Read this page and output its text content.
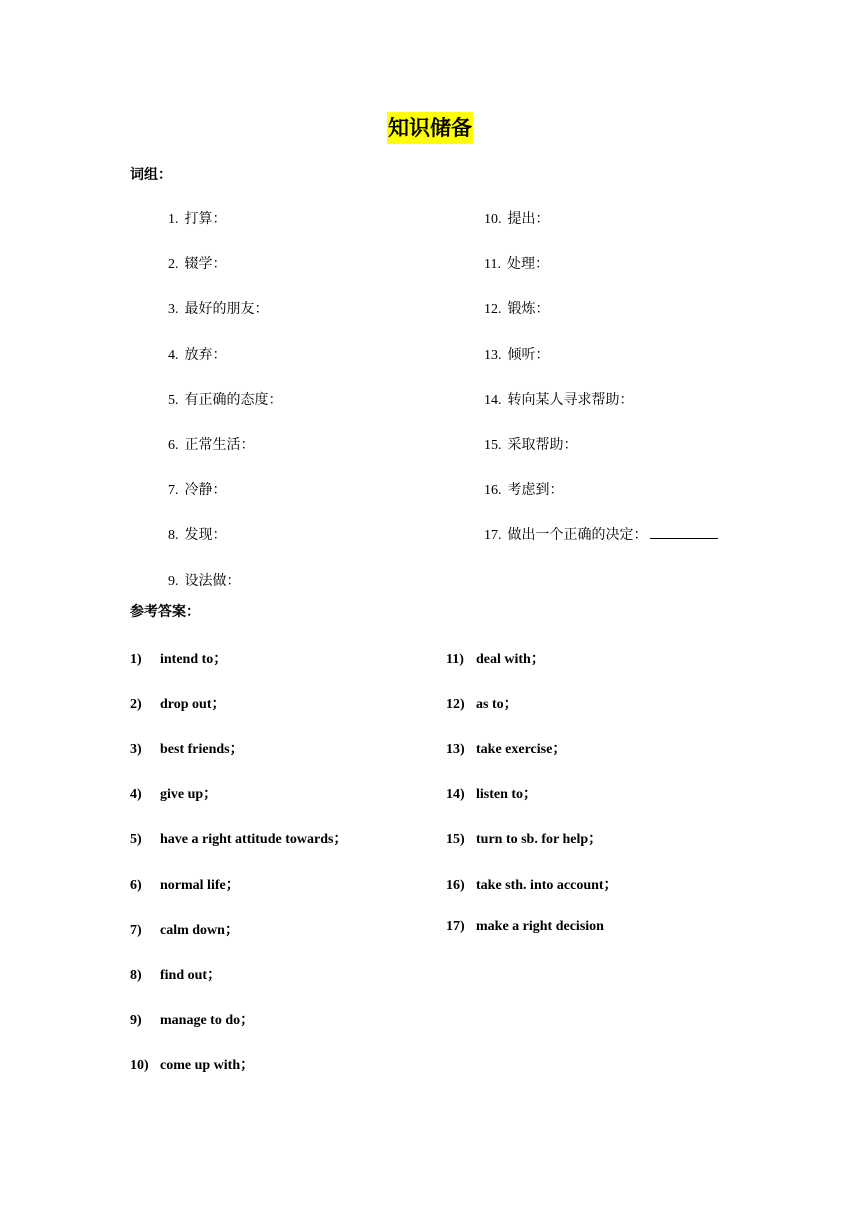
知识储备
词组：
1. 打算：
2. 辍学：
3. 最好的朋友：
4. 放弃：
5. 有正确的态度：
6. 正常生活：
7. 冷静：
8. 发现：
9. 设法做：
10. 提出：
11. 处理：
12. 锻炼：
13. 倾听：
14. 转向某人寻求帮助：
15. 采取帮助：
16. 考虑到：
17. 做出一个正确的决定：
参考答案：
1) intend to；
2) drop out；
3) best friends；
4) give up；
5) have a right attitude towards；
6) normal life；
7) calm down；
8) find out；
9) manage to do；
10) come up with；
11) deal with；
12) as to；
13) take exercise；
14) listen to；
15) turn to sb. for help；
16) take sth. into account；
17) make a right decision
